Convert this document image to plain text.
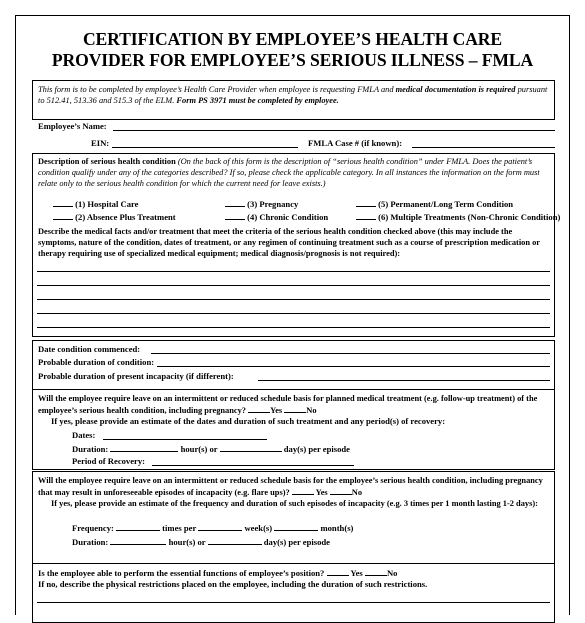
CERTIFICATION BY EMPLOYEE’S HEALTH CARE
PROVIDER FOR EMPLOYEE’S SERIOUS ILLNESS – FMLA
This form is to be completed by employee’s Health Care Provider when employee is requesting FMLA and medical documentation is required pursuant to 512.41, 513.36 and 515.3 of the ELM. Form PS 3971 must be completed by employee.
Employee’s Name:
EIN:	FMLA Case # (if known):
Description of serious health condition (On the back of this form is the description of “serious health condition” under FMLA. Does the patient’s condition qualify under any of the categories described? If so, please check the applicable category. In all instances the information on the form must relate only to the serious health condition for which the current need for leave exists.)
(1) Hospital Care	(3) Pregnancy	(5) Permanent/Long Term Condition
(2) Absence Plus Treatment	(4) Chronic Condition	(6) Multiple Treatments (Non-Chronic Condition)
Describe the medical facts and/or treatment that meet the criteria of the serious health condition checked above (this may include the symptoms, nature of the condition, dates of treatment, or any regimen of continuing treatment such as a course of prescription medication or therapy requiring use of specialized medical equipment; medical diagnosis/prognosis is not required):
Date condition commenced:
Probable duration of condition:
Probable duration of present incapacity (if different):
Will the employee require leave on an intermittent or reduced schedule basis for planned medical treatment (e.g. follow-up treatment) of the employee’s serious health condition, including pregnancy?	Yes	No
If yes, please provide an estimate of the dates and duration of such treatment and any period(s) of recovery:
Dates:
Duration:	hour(s) or	day(s) per episode
Period of Recovery:
Will the employee require leave on an intermittent or reduced schedule basis for the employee’s serious health condition, including pregnancy that may result in unforeseeable episodes of incapacity (e.g. flare ups)?	Yes	No
If yes, please provide an estimate of the frequency and duration of such episodes of incapacity (e.g. 3 times per 1 month lasting 1-2 days):
Frequency:	times per	week(s)	month(s)
Duration:	hour(s) or	day(s) per episode
Is the employee able to perform the essential functions of employee’s position?	Yes	No
If no, describe the physical restrictions placed on the employee, including the duration of such restrictions.
